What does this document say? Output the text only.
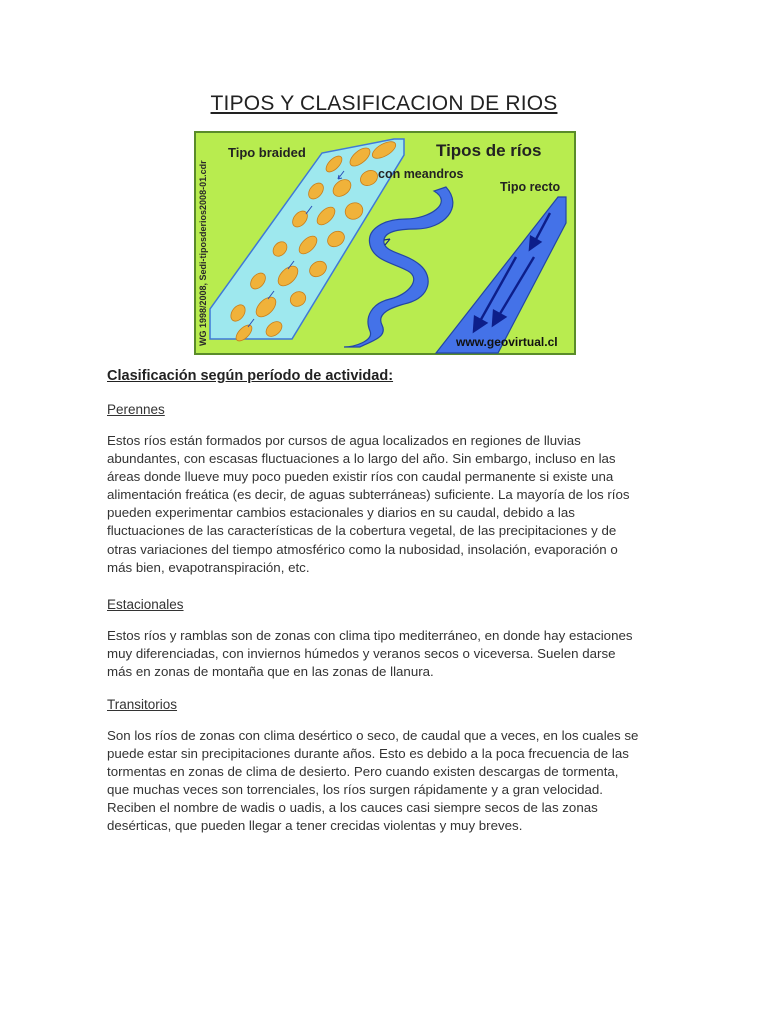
TIPOS Y CLASIFICACION DE RIOS
WG 1998/2008, Sedi-tiposderios2008-01.cdr
Tipo braided	Tipos de ríos
con meandros
Tipo recto
www.geovirtual.cl

Clasificación según período de actividad:

Perennes

Estos ríos están formados por cursos de agua localizados en regiones de lluvias
abundantes, con escasas fluctuaciones a lo largo del año. Sin embargo, incluso en las
áreas donde llueve muy poco pueden existir ríos con caudal permanente si existe una
alimentación freática (es decir, de aguas subterráneas) suficiente. La mayoría de los ríos
pueden experimentar cambios estacionales y diarios en su caudal, debido a las
fluctuaciones de las características de la cobertura vegetal, de las precipitaciones y de
otras variaciones del tiempo atmosférico como la nubosidad, insolación, evaporación o
más bien, evapotranspiración, etc.

Estacionales

Estos ríos y ramblas son de zonas con clima tipo mediterráneo, en donde hay estaciones
muy diferenciadas, con inviernos húmedos y veranos secos o viceversa. Suelen darse
más en zonas de montaña que en las zonas de llanura.

Transitorios

Son los ríos de zonas con clima desértico o seco, de caudal que a veces, en los cuales se
puede estar sin precipitaciones durante años. Esto es debido a la poca frecuencia de las
tormentas en zonas de clima de desierto. Pero cuando existen descargas de tormenta,
que muchas veces son torrenciales, los ríos surgen rápidamente y a gran velocidad.
Reciben el nombre de wadis o uadis, a los cauces casi siempre secos de las zonas
desérticas, que pueden llegar a tener crecidas violentas y muy breves.
